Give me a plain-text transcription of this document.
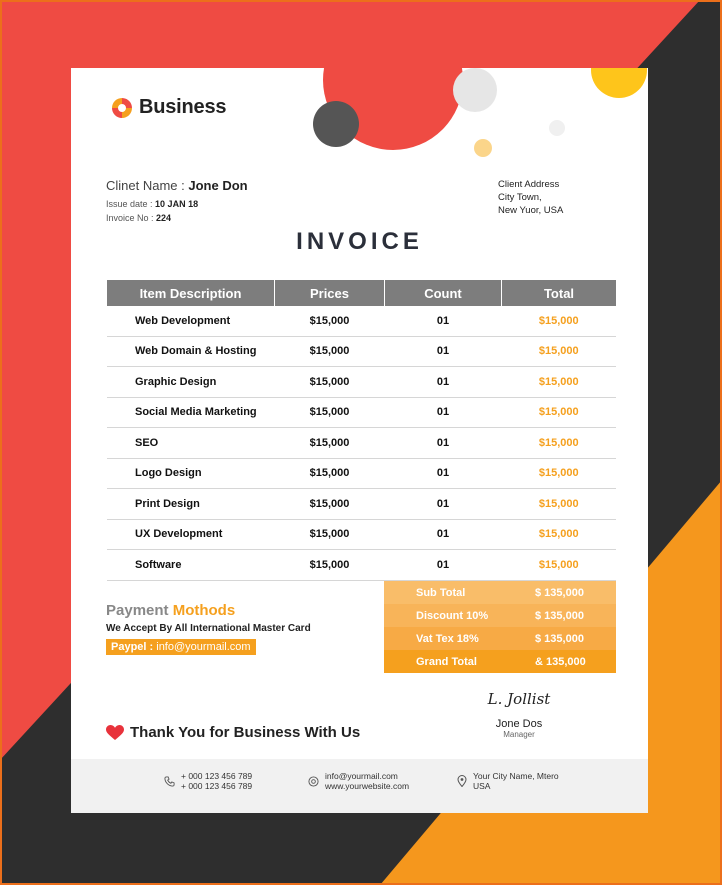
Business
Clinet Name : Jone Don
Issue date : 10 JAN 18
Invoice No : 224
Client Address
City Town,
New Yuor, USA
INVOICE
Item Description	Prices	Count	Total
Web Development	$15,000	01	$15,000
Web Domain & Hosting	$15,000	01	$15,000
Graphic Design	$15,000	01	$15,000
Social Media Marketing	$15,000	01	$15,000
SEO	$15,000	01	$15,000
Logo Design	$15,000	01	$15,000
Print Design	$15,000	01	$15,000
UX Development	$15,000	01	$15,000
Software	$15,000	01	$15,000
Payment Mothods
We Accept By All International Master Card
Paypel : info@yourmail.com
Sub Total	$ 135,000
Discount 10%	$ 135,000
Vat Tex 18%	$ 135,000
Grand Total	& 135,000
Thank You for Business With Us
L. Jollist
Jone Dos
Manager
+ 000 123 456 789
+ 000 123 456 789
info@yourmail.com
www.yourwebsite.com
Your City Name, Mtero
USA
